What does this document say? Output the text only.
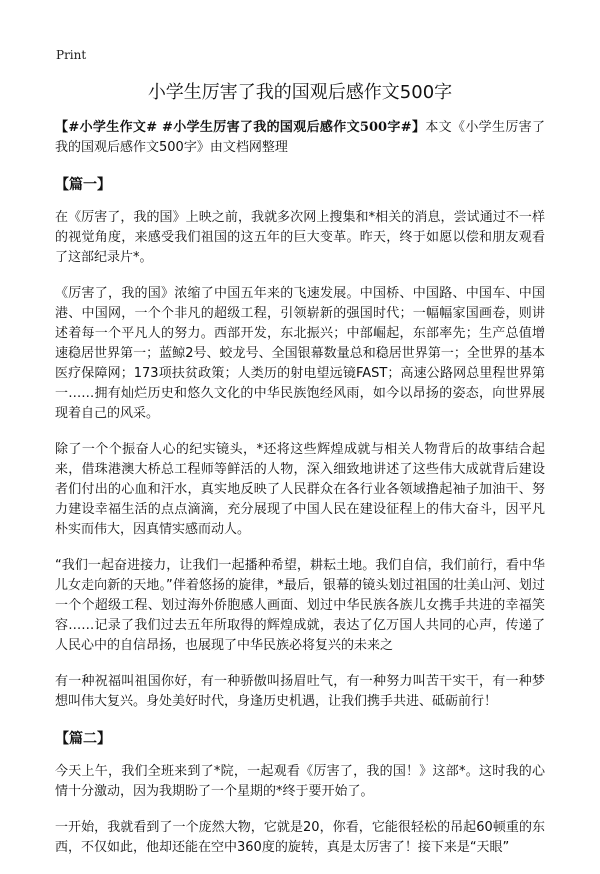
Print
小学生厉害了我的国观后感作文500字

【#小学生作文# #小学生厉害了我的国观后感作文500字#】本文《小学生厉害了我的国观后感作文500字》由文档网整理

【篇一】

在《厉害了，我的国》上映之前，我就多次网上搜集和*相关的消息，尝试通过不一样的视觉角度，来感受我们祖国的这五年的巨大变革。昨天，终于如愿以偿和朋友观看了这部纪录片*。

《厉害了，我的国》浓缩了中国五年来的飞速发展。中国桥、中国路、中国车、中国港、中国网，一个个非凡的超级工程，引领崭新的强国时代；一幅幅家国画卷，则讲述着每一个平凡人的努力。西部开发，东北振兴；中部崛起，东部率先；生产总值增速稳居世界第一；蓝鲸2号、蛟龙号、全国银幕数量总和稳居世界第一；全世界的基本医疗保障网；173项扶贫政策；人类历的射电望远镜FAST；高速公路网总里程世界第一……拥有灿烂历史和悠久文化的中华民族饱经风雨，如今以昂扬的姿态，向世界展现着自己的风采。

除了一个个振奋人心的纪实镜头，*还将这些辉煌成就与相关人物背后的故事结合起来，借珠港澳大桥总工程师等鲜活的人物，深入细致地讲述了这些伟大成就背后建设者们付出的心血和汗水，真实地反映了人民群众在各行业各领域撸起袖子加油干、努力建设幸福生活的点点滴滴，充分展现了中国人民在建设征程上的伟大奋斗，因平凡朴实而伟大，因真情实感而动人。

“我们一起奋进接力，让我们一起播种希望，耕耘土地。我们自信，我们前行，看中华儿女走向新的天地。”伴着悠扬的旋律，*最后，银幕的镜头划过祖国的壮美山河、划过一个个超级工程、划过海外侨胞感人画面、划过中华民族各族儿女携手共进的幸福笑容……记录了我们过去五年所取得的辉煌成就，表达了亿万国人共同的心声，传递了人民心中的自信昂扬，也展现了中华民族必将复兴的未来之

有一种祝福叫祖国你好，有一种骄傲叫扬眉吐气，有一种努力叫苦干实干，有一种梦想叫伟大复兴。身处美好时代，身逢历史机遇，让我们携手共进、砥砺前行！

【篇二】

今天上午，我们全班来到了*院，一起观看《厉害了，我的国！》这部*。这时我的心情十分激动，因为我期盼了一个星期的*终于要开始了。

一开始，我就看到了一个庞然大物，它就是20，你看，它能很轻松的吊起60顿重的东西，不仅如此，他却还能在空中360度的旋转，真是太厉害了！接下来是“天眼”
